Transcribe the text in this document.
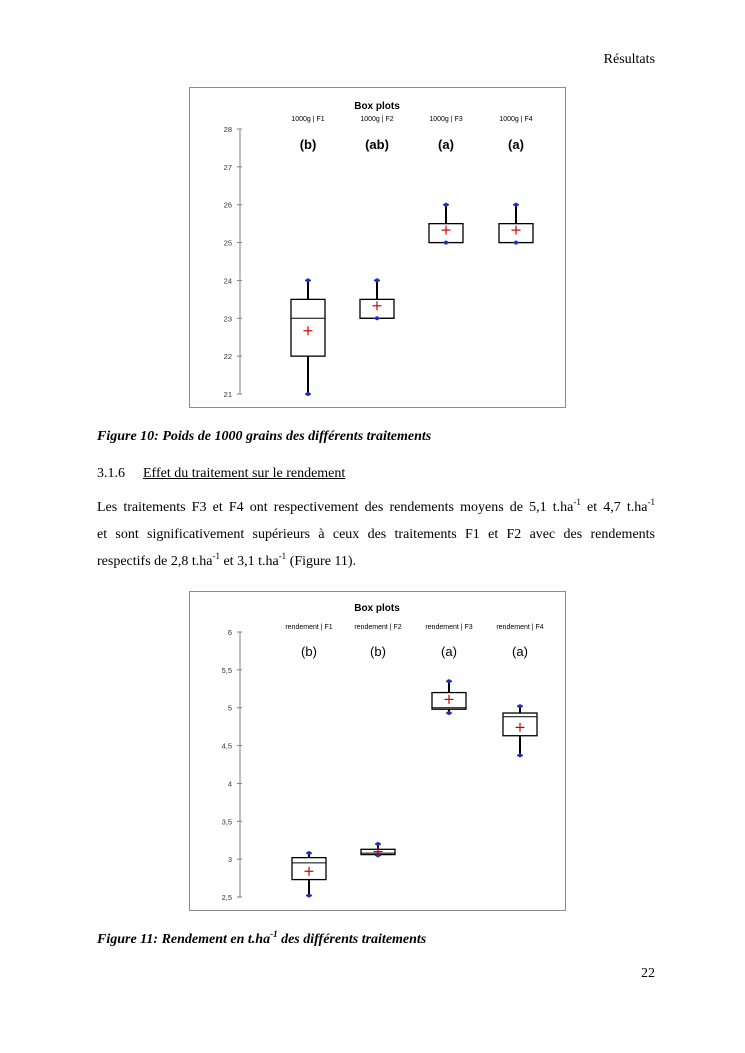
Résultats
Box plots
21
22
23
24
25
26
27
28
1000g | F1
(b)
1000g | F2
(ab)
1000g | F3
(a)
1000g | F4
(a)
Figure 10: Poids de 1000 grains des différents traitements
3.1.6 Effet du traitement sur le rendement
Les traitements F3 et F4 ont respectivement des rendements moyens de 5,1 $t.ha^{-1}$ et 4,7 $t.ha^{-1}$
et sont significativement supérieurs à ceux des traitements F1 et F2 avec des rendements
respectifs de 2,8 $t.ha^{-1}$ et 3,1 $t.ha^{-1}$ (Figure 11).
Box plots
2,5
3
3,5
4
4,5
5
5,5
6
rendement | F1
(b)
rendement | F2
(b)
rendement | F3
(a)
rendement | F4
(a)
Figure 11: Rendement en $t.ha^{-1}$ des différents traitements
22
